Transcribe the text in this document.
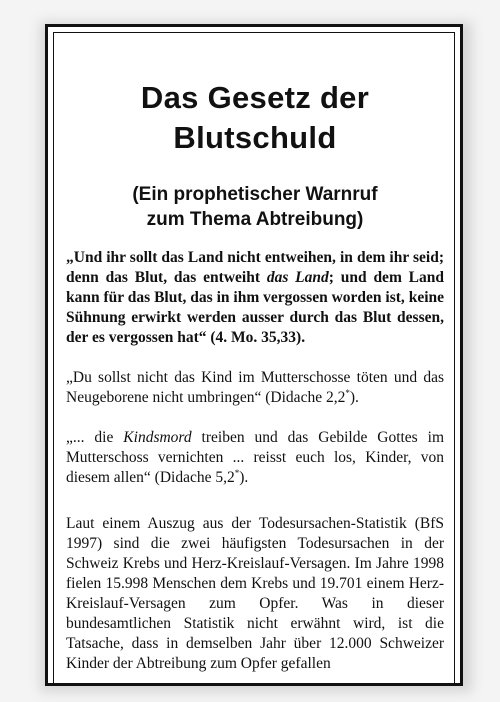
Das Gesetz der
Blutschuld
(Ein prophetischer Warnruf
zum Thema Abtreibung)

„Und ihr sollt das Land nicht entweihen, in dem ihr seid; denn das Blut, das entweiht das Land; und dem Land kann für das Blut, das in ihm vergossen worden ist, keine Sühnung erwirkt werden ausser durch das Blut dessen, der es vergossen hat“ (4. Mo. 35,33).

„Du sollst nicht das Kind im Mutterschosse töten und das Neugeborene nicht umbringen“ (Didache 2,2*).

„... die Kindsmord treiben und das Gebilde Gottes im Mutterschoss vernichten ... reisst euch los, Kinder, von diesem allen“ (Didache 5,2*).

Laut einem Auszug aus der Todesursachen-Statistik (BfS 1997) sind die zwei häufigsten Todesursachen in der Schweiz Krebs und Herz-Kreislauf-Versagen. Im Jahre 1998 fielen 15.998 Menschen dem Krebs und 19.701 einem Herz-Kreislauf-Versagen zum Opfer. Was in dieser bundesamtlichen Statistik nicht erwähnt wird, ist die Tatsache, dass in demselben Jahr über 12.000 Schweizer Kinder der Abtreibung zum Opfer gefallen
